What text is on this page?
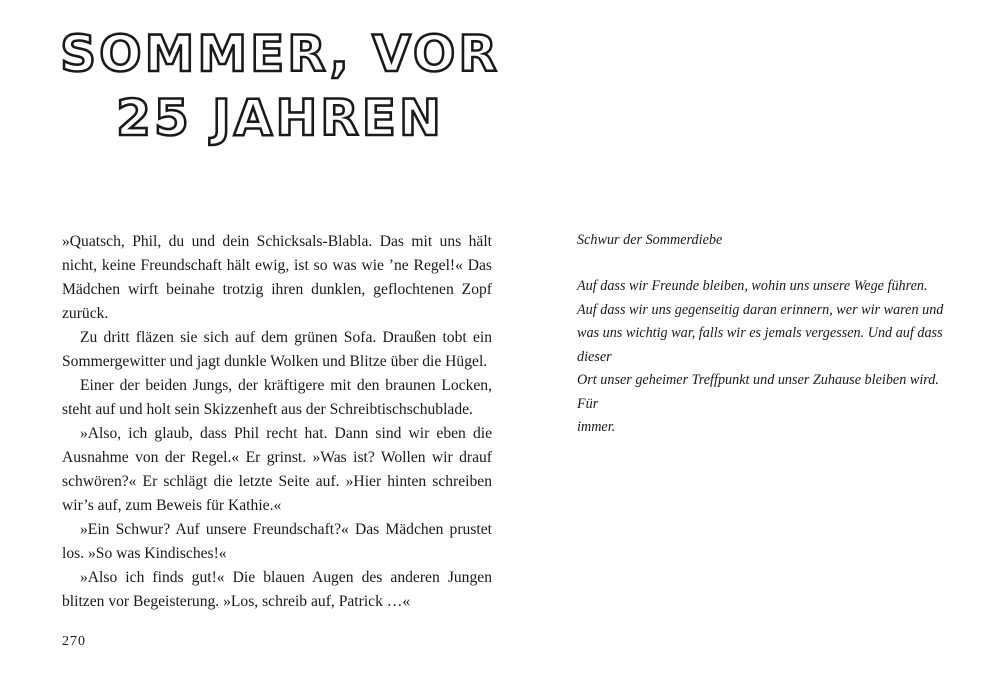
SOMMER, VOR
25 JAHREN

»Quatsch, Phil, du und dein Schicksals-Blabla. Das mit uns hält nicht, keine Freundschaft hält ewig, ist so was wie ’ne Regel!« Das Mädchen wirft beinahe trotzig ihren dunklen, geflochtenen Zopf zurück.

Zu dritt fläzen sie sich auf dem grünen Sofa. Draußen tobt ein Sommergewitter und jagt dunkle Wolken und Blitze über die Hügel.

Einer der beiden Jungs, der kräftigere mit den braunen Locken, steht auf und holt sein Skizzenheft aus der Schreibtischschublade.

»Also, ich glaub, dass Phil recht hat. Dann sind wir eben die Ausnahme von der Regel.« Er grinst. »Was ist? Wollen wir drauf schwören?« Er schlägt die letzte Seite auf. »Hier hinten schreiben wir’s auf, zum Beweis für Kathie.«

»Ein Schwur? Auf unsere Freundschaft?« Das Mädchen prustet los. »So was Kindisches!«

»Also ich finds gut!« Die blauen Augen des anderen Jungen blitzen vor Begeisterung. »Los, schreib auf, Patrick …«

270
Schwur der Sommerdiebe

Auf dass wir Freunde bleiben, wohin uns unsere Wege führen.

Auf dass wir uns gegenseitig daran erinnern, wer wir waren und

was uns wichtig war, falls wir es jemals vergessen. Und auf dass dieser

Ort unser geheimer Treffpunkt und unser Zuhause bleiben wird. Für

immer.
